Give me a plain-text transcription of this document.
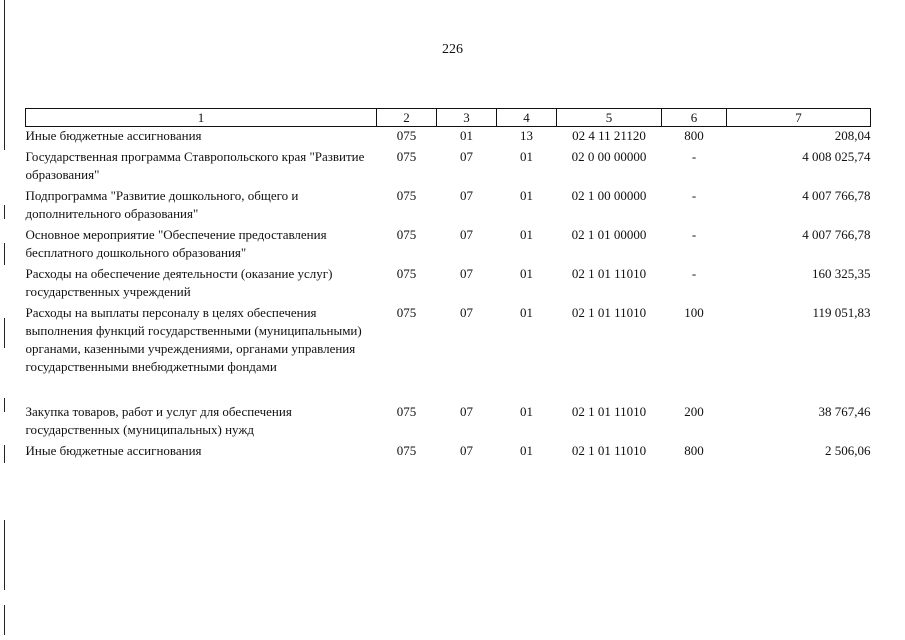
226
1	2	3	4	5	6	7
Иные бюджетные ассигнования	075	01	13	02 4 11 21120	800	208,04
Государственная программа Ставропольского края "Развитие образования"	075	07	01	02 0 00 00000	-	4 008 025,74
Подпрограмма "Развитие дошкольного, общего и дополнительного образования"	075	07	01	02 1 00 00000	-	4 007 766,78
Основное мероприятие "Обеспечение предоставления бесплатного дошкольного образования"	075	07	01	02 1 01 00000	-	4 007 766,78
Расходы на обеспечение деятельности (оказание услуг) государственных учреждений	075	07	01	02 1 01 11010	-	160 325,35
Расходы на выплаты персоналу в целях обеспечения выполнения функций государственными (муниципальными) органами, казенными учреждениями, органами управления государственными внебюджетными фондами	075	07	01	02 1 01 11010	100	119 051,83

Закупка товаров, работ и услуг для обеспечения государственных (муниципальных) нужд	075	07	01	02 1 01 11010	200	38 767,46
Иные бюджетные ассигнования	075	07	01	02 1 01 11010	800	2 506,06
